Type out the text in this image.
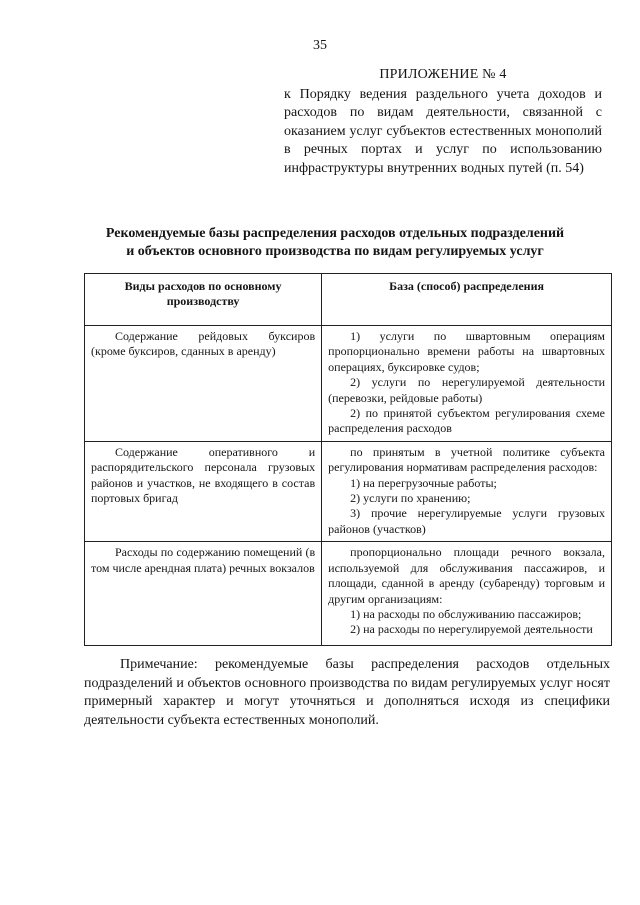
35
ПРИЛОЖЕНИЕ № 4
к Порядку ведения раздельного учета доходов и расходов по видам деятельности, связанной с оказанием услуг субъектов естественных монополий в речных портах и услуг по использованию инфраструктуры внутренних водных путей (п. 54)
Рекомендуемые базы распределения расходов отдельных подразделений
и объектов основного производства по видам регулируемых услуг
Виды расходов по основному производству	База (способ) распределения

Содержание рейдовых буксиров (кроме буксиров, сданных в аренду)	1) услуги по швартовным операциям пропорционально времени работы на швартовных операциях, буксировке судов;

2) услуги по нерегулируемой деятельности (перевозки, рейдовые работы)

2) по принятой субъектом регулирования схеме распределения расходов

Содержание оперативного и распорядительского персонала грузовых районов и участков, не входящего в состав портовых бригад	по принятым в учетной политике субъекта регулирования нормативам распределения расходов:

1) на перегрузочные работы;

2) услуги по хранению;

3) прочие нерегулируемые услуги грузовых районов (участков)

Расходы по содержанию помещений (в том числе арендная плата) речных вокзалов	пропорционально площади речного вокзала, используемой для обслуживания пассажиров, и площади, сданной в аренду (субаренду) торговым и другим организациям:

1) на расходы по обслуживанию пассажиров;

2) на расходы по нерегулируемой деятельности

Примечание: рекомендуемые базы распределения расходов отдельных подразделений и объектов основного производства по видам регулируемых услуг носят примерный характер и могут уточняться и дополняться исходя из специфики деятельности субъекта естественных монополий.
